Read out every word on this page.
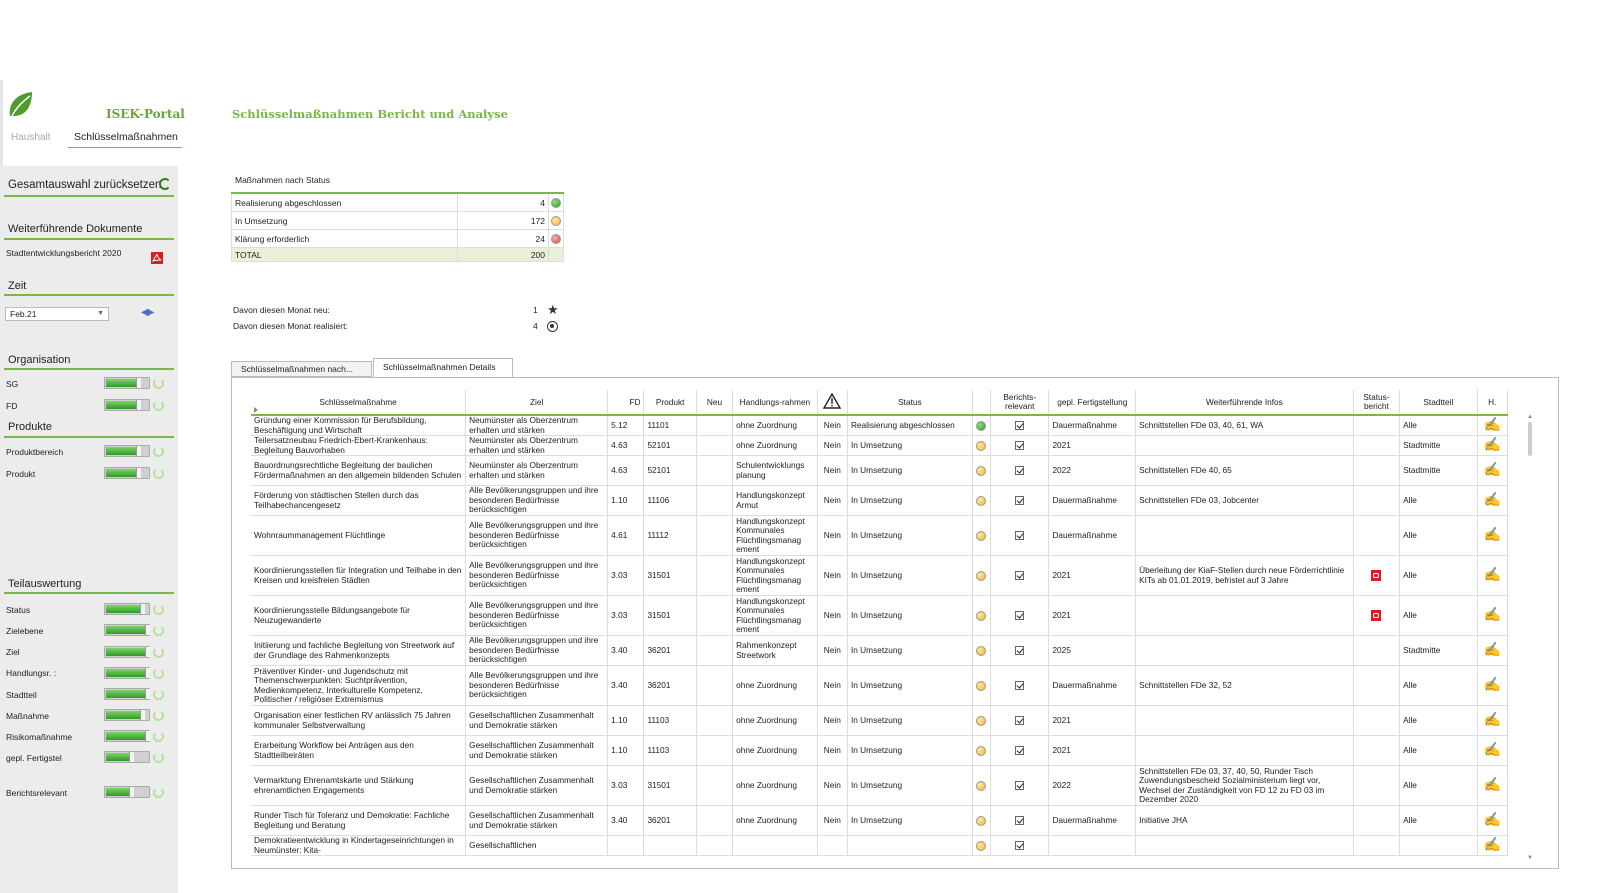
ISEK-Portal
Haushalt	Schlüsselmaßnahmen
Schlüsselmaßnahmen Bericht und Analyse
Gesamtauswahl zurücksetzen
Weiterführende Dokumente
Stadtentwicklungsbericht 2020
Zeit
Organisation
SG
FD
Produkte
Produktbereich
Produkt
Teilauswertung
Status
Zielebene
Ziel
Handlungsr. :
Stadtteil
Maßnahme
Risikomaßnahme
gepl. Fertigstel
Berichtsrelevant
Feb.21	▼	◀▶
Maßnahmen nach Status
Realisierung abgeschlossen	4	
In Umsetzung	172	
Klärung erforderlich	24	
TOTAL	200	
Davon diesen Monat neu:	1 ★
Davon diesen Monat realisiert:	4
Schlüsselmaßnahmen nach...	Schlüsselmaßnahmen Details
Schlüsselmaßnahme	Ziel	FD	Produkt	Neu	Handlungs-rahmen		Status		Berichts-relevant	gepl. Fertigstellung	Weiterführende Infos	Status-bericht	Stadtteil	H.
Gründung einer Kommission für Berufsbildung, Beschäftigung und Wirtschaft	Neumünster als Oberzentrum erhalten und stärken	5.12	11101		ohne Zuordnung	Nein	Realisierung abgeschlossen			Dauermaßnahme	Schnittstellen FDe 03, 40, 61, WA		Alle	✍
Teilersatzneubau Friedrich-Ebert-Krankenhaus: Begleitung Bauvorhaben	Neumünster als Oberzentrum erhalten und stärken	4.63	52101		ohne Zuordnung	Nein	In Umsetzung			2021			Stadtmitte	✍
Bauordnungsrechtliche Begleitung der baulichen Fördermaßnahmen an den allgemein bildenden Schulen	Neumünster als Oberzentrum erhalten und stärken	4.63	52101		Schulentwicklungs planung	Nein	In Umsetzung			2022	Schnittstellen FDe 40, 65		Stadtmitte	✍
Förderung von städtischen Stellen durch das Teilhabechancengesetz	Alle Bevölkerungsgruppen und ihre besonderen Bedürfnisse berücksichtigen	1.10	11106		Handlungskonzept Armut	Nein	In Umsetzung			Dauermaßnahme	Schnittstellen FDe 03, Jobcenter		Alle	✍
Wohnraummanagement Flüchtlinge	Alle Bevölkerungsgruppen und ihre besonderen Bedürfnisse berücksichtigen	4.61	11112		Handlungskonzept Kommunales Flüchtlingsmanag ement	Nein	In Umsetzung			Dauermaßnahme			Alle	✍
Koordinierungsstellen für Integration und Teilhabe in den Kreisen und kreisfreien Städten	Alle Bevölkerungsgruppen und ihre besonderen Bedürfnisse berücksichtigen	3.03	31501		Handlungskonzept Kommunales Flüchtlingsmanag ement	Nein	In Umsetzung			2021	Überleitung der KiaF-Stellen durch neue Förderrichtlinie KITs ab 01.01.2019, befristet auf 3 Jahre		Alle	✍
Koordinierungsstelle Bildungsangebote für Neuzugewanderte	Alle Bevölkerungsgruppen und ihre besonderen Bedürfnisse berücksichtigen	3.03	31501		Handlungskonzept Kommunales Flüchtlingsmanag ement	Nein	In Umsetzung			2021			Alle	✍
Initiierung und fachliche Begleitung von Streetwork auf der Grundlage des Rahmenkonzepts	Alle Bevölkerungsgruppen und ihre besonderen Bedürfnisse berücksichtigen	3.40	36201		Rahmenkonzept Streetwork	Nein	In Umsetzung			2025			Stadtmitte	✍
Präventiver Kinder- und Jugendschutz mit Themenschwerpunkten: Suchtprävention, Medienkompetenz, Interkulturelle Kompetenz, Politischer / religiöser Extremismus	Alle Bevölkerungsgruppen und ihre besonderen Bedürfnisse berücksichtigen	3.40	36201		ohne Zuordnung	Nein	In Umsetzung			Dauermaßnahme	Schnittstellen FDe 32, 52		Alle	✍
Organisation einer festlichen RV anlässlich 75 Jahren kommunaler Selbstverwaltung	Gesellschaftlichen Zusammenhalt und Demokratie stärken	1.10	11103		ohne Zuordnung	Nein	In Umsetzung			2021			Alle	✍
Erarbeitung Workflow bei Anträgen aus den Stadtteilbeiräten	Gesellschaftlichen Zusammenhalt und Demokratie stärken	1.10	11103		ohne Zuordnung	Nein	In Umsetzung			2021			Alle	✍
Vermarktung Ehrenamtskarte und Stärkung ehrenamtlichen Engagements	Gesellschaftlichen Zusammenhalt und Demokratie stärken	3.03	31501		ohne Zuordnung	Nein	In Umsetzung			2022	Schnittstellen FDe 03, 37, 40, 50, Runder Tisch Zuwendungsbescheid Sozialministerium liegt vor, Wechsel der Zuständigkeit von FD 12 zu FD 03 im Dezember 2020		Alle	✍
Runder Tisch für Toleranz und Demokratie: Fachliche Begleitung und Beratung	Gesellschaftlichen Zusammenhalt und Demokratie stärken	3.40	36201		ohne Zuordnung	Nein	In Umsetzung			Dauermaßnahme	Initiative JHA		Alle	✍
Demokratieentwicklung in Kindertageseinrichtungen in Neumünster: Kita-	Gesellschaftlichen													✍
▲
▼
